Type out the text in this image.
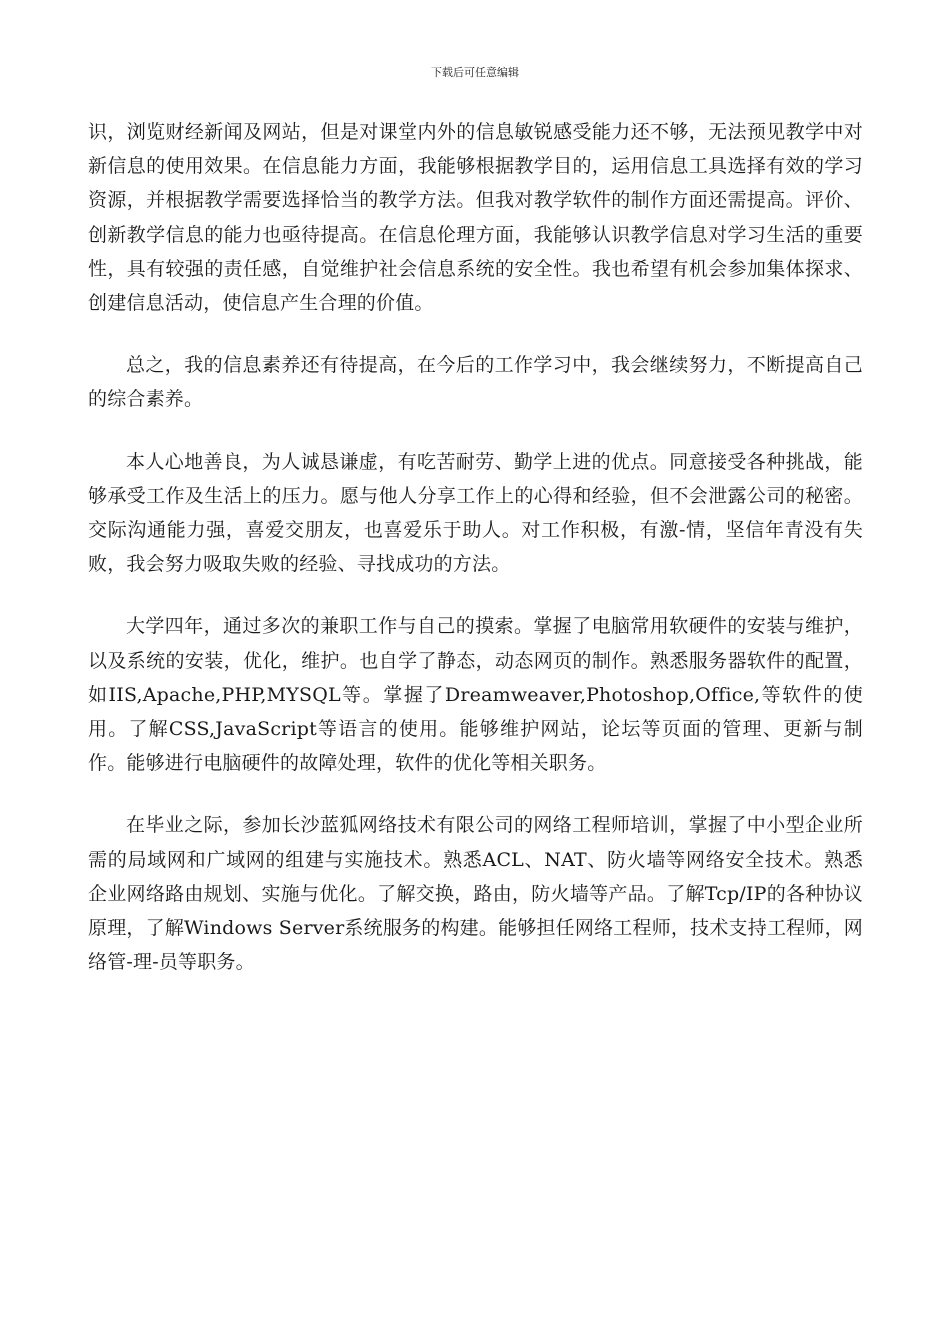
下载后可任意编辑

识，浏览财经新闻及网站，但是对课堂内外的信息敏锐感受能力还不够，无法预见教学中对新信息的使用效果。在信息能力方面，我能够根据教学目的，运用信息工具选择有效的学习资源，并根据教学需要选择恰当的教学方法。但我对教学软件的制作方面还需提高。评价、创新教学信息的能力也亟待提高。在信息伦理方面，我能够认识教学信息对学习生活的重要性，具有较强的责任感，自觉维护社会信息系统的安全性。我也希望有机会参加集体探求、创建信息活动，使信息产生合理的价值。

总之，我的信息素养还有待提高，在今后的工作学习中，我会继续努力，不断提高自己的综合素养。

本人心地善良，为人诚恳谦虚，有吃苦耐劳、勤学上进的优点。同意接受各种挑战，能够承受工作及生活上的压力。愿与他人分享工作上的心得和经验，但不会泄露公司的秘密。交际沟通能力强，喜爱交朋友，也喜爱乐于助人。对工作积极，有激-情，坚信年青没有失败，我会努力吸取失败的经验、寻找成功的方法。

大学四年，通过多次的兼职工作与自己的摸索。掌握了电脑常用软硬件的安装与维护，以及系统的安装，优化，维护。也自学了静态，动态网页的制作。熟悉服务器软件的配置，如IIS,Apache,PHP,MYSQL等。掌握了Dreamweaver,Photoshop,Office,等软件的使用。了解CSS,JavaScript等语言的使用。能够维护网站，论坛等页面的管理、更新与制作。能够进行电脑硬件的故障处理，软件的优化等相关职务。

在毕业之际，参加长沙蓝狐网络技术有限公司的网络工程师培训，掌握了中小型企业所需的局域网和广域网的组建与实施技术。熟悉ACL、NAT、防火墙等网络安全技术。熟悉企业网络路由规划、实施与优化。了解交换，路由，防火墙等产品。了解Tcp/IP的各种协议原理，了解Windows Server系统服务的构建。能够担任网络工程师，技术支持工程师，网络管-理-员等职务。
